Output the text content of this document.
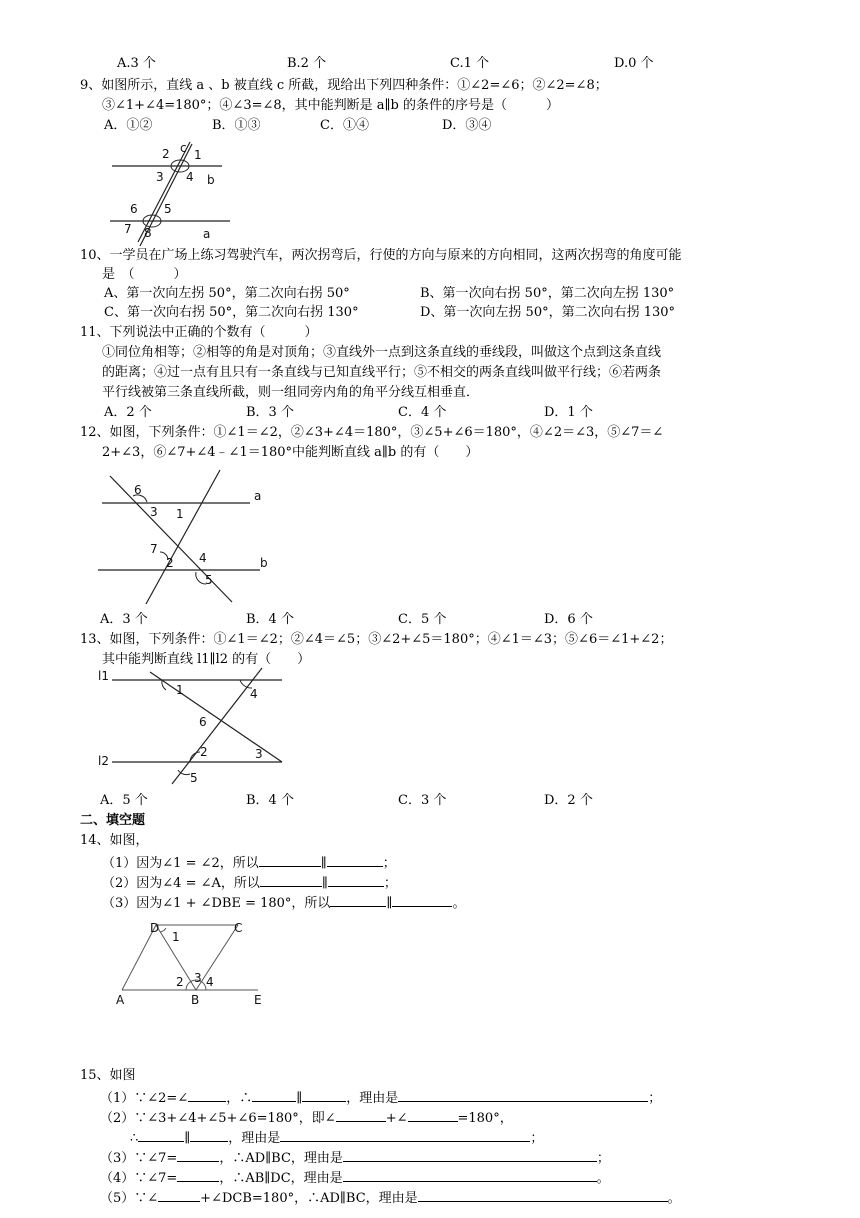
A.3 个	B.2 个	C.1 个	D.0 个
9、如图所示，直线 a 、b 被直线 c 所截，现给出下列四种条件：①∠2=∠6；②∠2=∠8；
③∠1+∠4=180°；④∠3=∠8，其中能判断是 a∥b 的条件的序号是（　　　）
A．①②	B．①③	C．①④	D．③④
c
2 1
3 4 b
6 5
7 8	a
10、一学员在广场上练习驾驶汽车，两次拐弯后，行使的方向与原来的方向相同，这两次拐弯的角度可能
是　（　　　）
A、第一次向左拐 50°，第二次向右拐 50°	B、第一次向右拐 50°，第二次向左拐 130°
C、第一次向右拐 50°，第二次向右拐 130°	D、第一次向左拐 50°，第二次向右拐 130°
11、下列说法中正确的个数有（　　　）
①同位角相等；②相等的角是对顶角；③直线外一点到这条直线的垂线段，叫做这个点到这条直线
的距离；④过一点有且只有一条直线与已知直线平行；⑤不相交的两条直线叫做平行线；⑥若两条
平行线被第三条直线所截，则一组同旁内角的角平分线互相垂直．
A．2 个	B．3 个	C．4 个	D．1 个
12、如图，下列条件：①∠1＝∠2，②∠3+∠4＝180°，③∠5+∠6＝180°，④∠2＝∠3，⑤∠7＝∠
2+∠3，⑥∠7+∠4﹣∠1＝180°中能判断直线 a∥b 的有（　　）
6
3 1
a
7
4
2
5
b
A．3 个	B．4 个	C．5 个	D．6 个
13、如图，下列条件：①∠1＝∠2；②∠4＝∠5；③∠2+∠5＝180°；④∠1＝∠3；⑤∠6＝∠1+∠2；
其中能判断直线 l1∥l2 的有（　　）
l1
1	4
6
2	3
l2
5
A．5 个	B．4 个	C．3 个	D．2 个
二、填空题
14、如图，
（1）因为∠1 = ∠2，所以	∥	；
（2）因为∠4 = ∠A，所以	∥	；
（3）因为∠1 + ∠DBE = 180°，所以	∥	。
D
1
C
2 3 4
A	B	E
15、如图
（1）∵∠2=∠	，∴	∥	，理由是	；
（2）∵∠3+∠4+∠5+∠6=180°，即∠	+∠	=180°，
∴	∥	，理由是	；
（3）∵∠7=	，∴AD∥BC，理由是	；
（4）∵∠7=	，∴AB∥DC，理由是	。
（5）∵∠	+∠DCB=180°，∴AD∥BC，理由是	。
